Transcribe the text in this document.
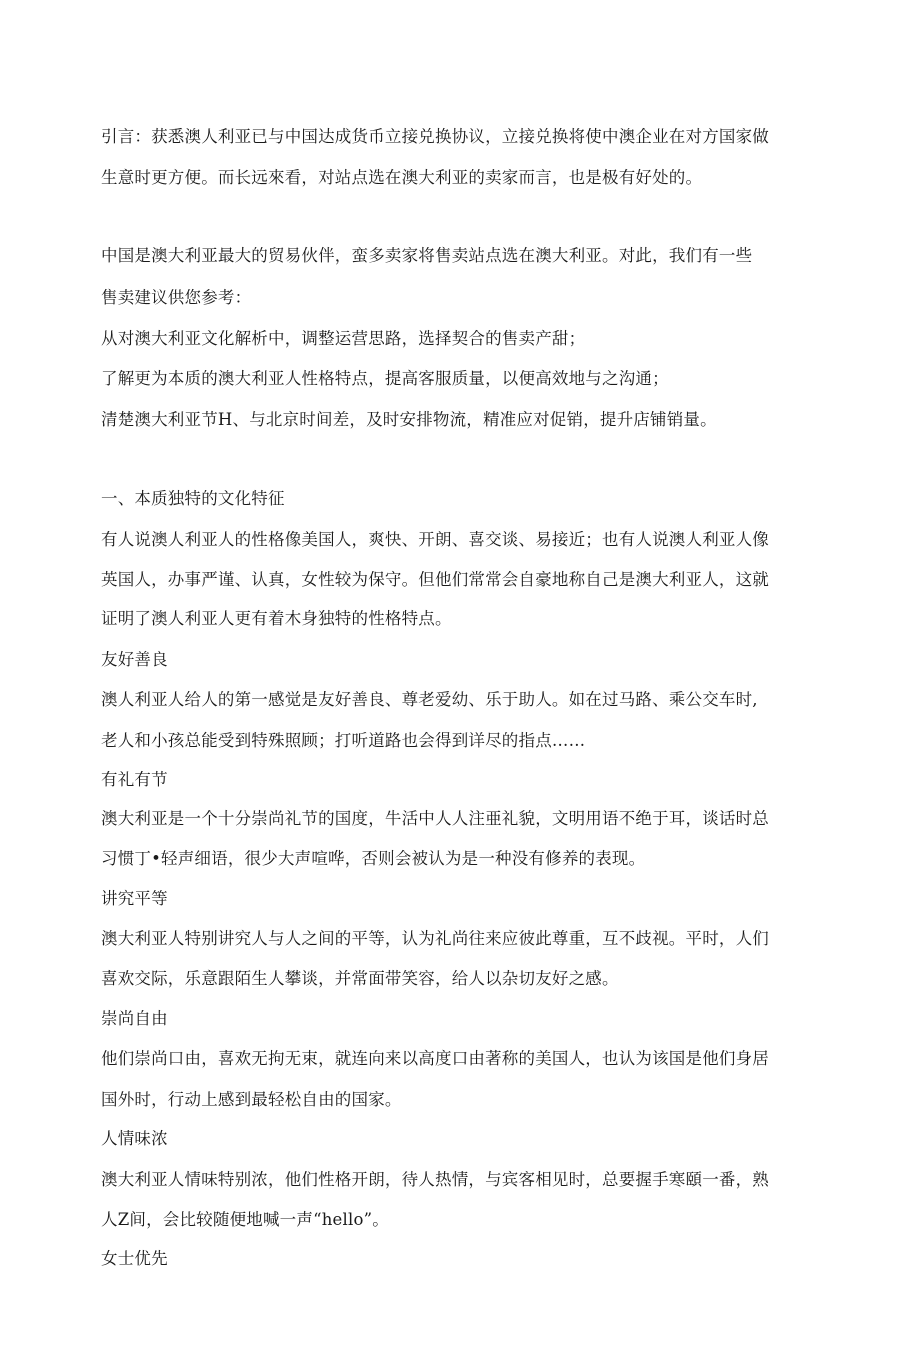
引言：获悉澳人利亚已与中国达成货币立接兑换协议，立接兑换将使中澳企业在对方国家做
生意时更方便。而长远來看，对站点选在澳大利亚的卖家而言，也是极有好处的。
中国是澳大利亚最大的贸易伙伴，蛮多卖家将售卖站点选在澳大利亚。对此，我们有一些
售卖建议供您参考：
从对澳大利亚文化解析中，调整运营思路，选择契合的售卖产甜；
了解更为本质的澳大利亚人性格特点，提高客服质量，以便高效地与之沟通；
清楚澳大利亚节H、与北京时间差，及时安排物流，精准应对促销，提升店铺销量。
一、本质独特的文化特征
有人说澳人利亚人的性格像美国人，爽快、开朗、喜交谈、易接近；也有人说澳人利亚人像
英国人，办事严谨、认真，女性较为保守。但他们常常会自豪地称自己是澳大利亚人，这就
证明了澳人利亚人更有着木身独特的性格特点。
友好善良
澳人利亚人给人的第一感觉是友好善良、尊老爱幼、乐于助人。如在过马路、乘公交车时,
老人和小孩总能受到特殊照顾；打听道路也会得到详尽的指点……
有礼有节
澳大利亚是一个十分崇尚礼节的国度，牛活中人人注亜礼貌，文明用语不绝于耳，谈话时总
习惯丁•轻声细语，很少大声喧哗，否则会被认为是一种没有修养的表现。
讲究平等
澳大利亚人特别讲究人与人之间的平等，认为礼尚往来应彼此尊重，互不歧视。平时，人们
喜欢交际，乐意跟陌生人攀谈，并常面带笑容，给人以杂切友好之感。
崇尚自由
他们崇尚口由，喜欢无拘无束，就连向来以高度口由著称的美国人，也认为该国是他们身居
国外时，行动上感到最轻松自由的国家。
人情味浓
澳大利亚人情味特别浓，他们性格开朗，待人热情，与宾客相见时，总要握手寒頤一番，熟
人Z间，会比较随便地喊一声“hello”。
女士优先
